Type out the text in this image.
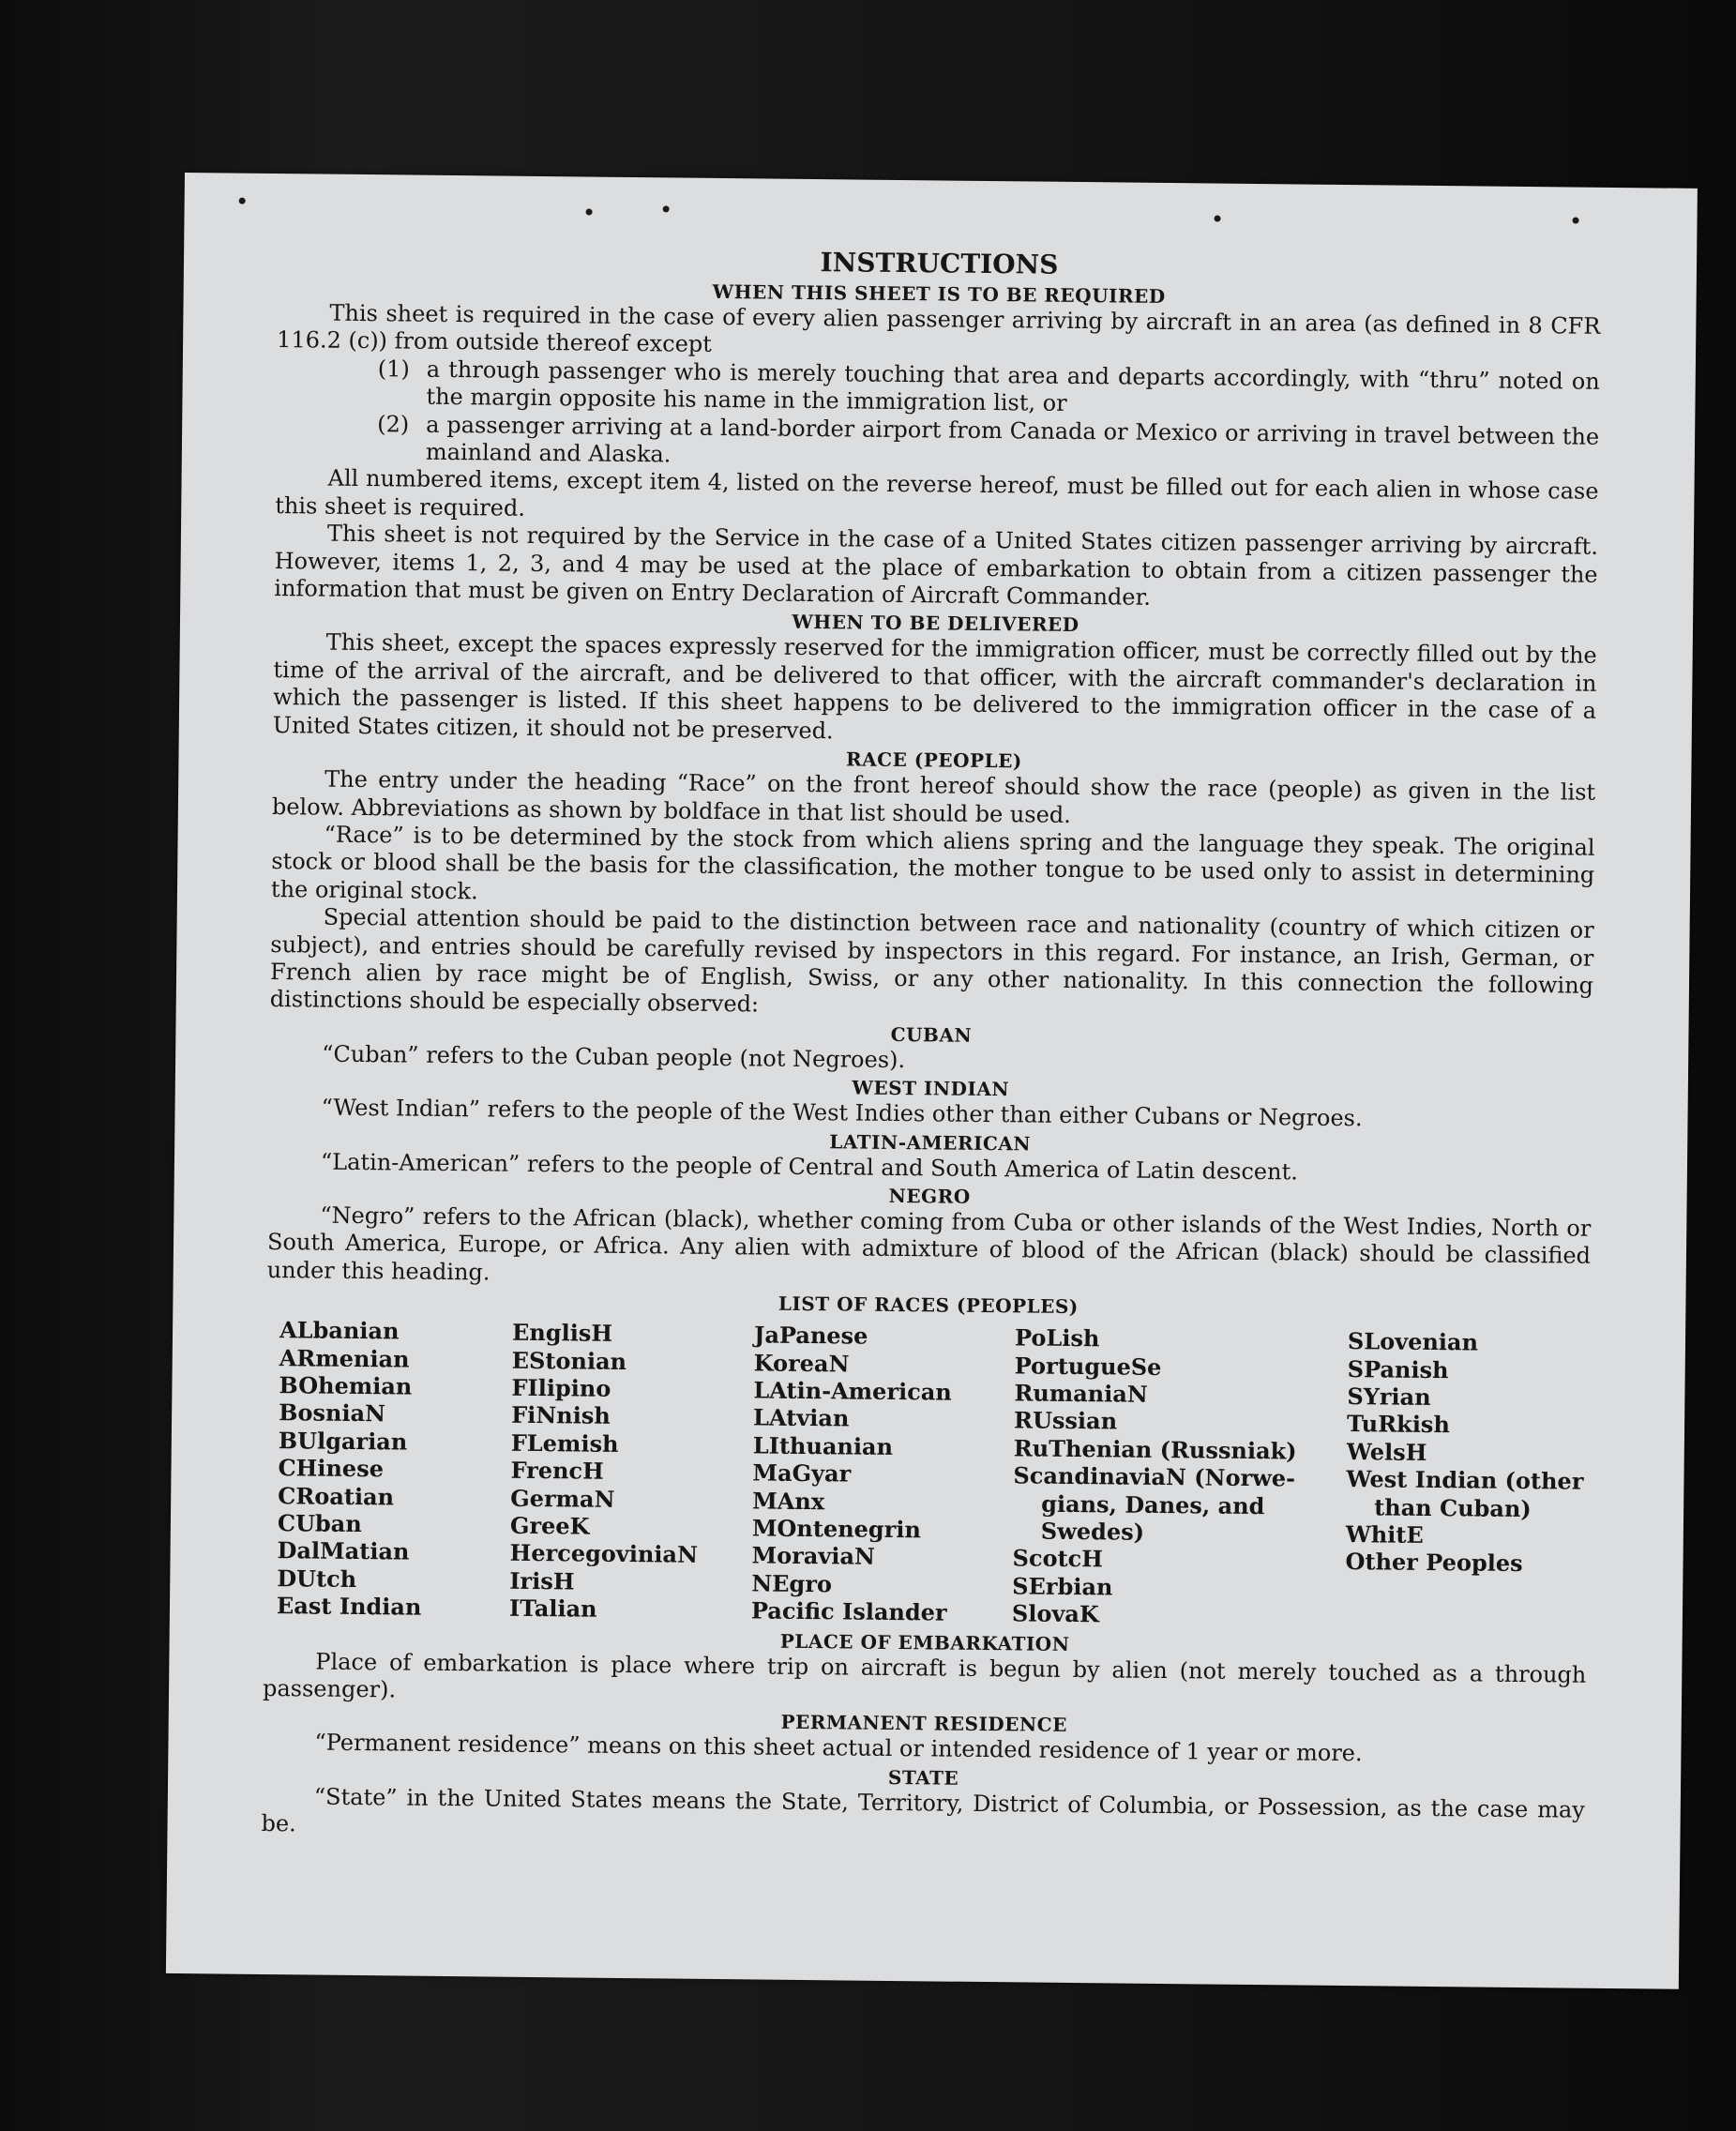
INSTRUCTIONS
WHEN THIS SHEET IS TO BE REQUIRED

This sheet is required in the case of every alien passenger arriving by aircraft in an area (as defined in 8 CFR 116.2 (c)) from outside thereof except

(1) a through passenger who is merely touching that area and departs accordingly, with “thru” noted on the margin opposite his name in the immigration list, or
(2) a passenger arriving at a land-border airport from Canada or Mexico or arriving in travel between the mainland and Alaska.

All numbered items, except item 4, listed on the reverse hereof, must be filled out for each alien in whose case this sheet is required.

This sheet is not required by the Service in the case of a United States citizen passenger arriving by aircraft. However, items 1, 2, 3, and 4 may be used at the place of embarkation to obtain from a citizen passenger the information that must be given on Entry Declaration of Aircraft Commander.

WHEN TO BE DELIVERED

This sheet, except the spaces expressly reserved for the immigration officer, must be correctly filled out by the time of the arrival of the aircraft, and be delivered to that officer, with the aircraft commander's declaration in which the passenger is listed. If this sheet happens to be delivered to the immigration officer in the case of a United States citizen, it should not be preserved.

RACE (PEOPLE)

The entry under the heading “Race” on the front hereof should show the race (people) as given in the list below. Abbreviations as shown by boldface in that list should be used.

“Race” is to be determined by the stock from which aliens spring and the language they speak. The original stock or blood shall be the basis for the classification, the mother tongue to be used only to assist in determining the original stock.

Special attention should be paid to the distinction between race and nationality (country of which citizen or subject), and entries should be carefully revised by inspectors in this regard. For instance, an Irish, German, or French alien by race might be of English, Swiss, or any other nationality. In this connection the following distinctions should be especially observed:

CUBAN

“Cuban” refers to the Cuban people (not Negroes).

WEST INDIAN

“West Indian” refers to the people of the West Indies other than either Cubans or Negroes.

LATIN-AMERICAN

“Latin-American” refers to the people of Central and South America of Latin descent.

NEGRO

“Negro” refers to the African (black), whether coming from Cuba or other islands of the West Indies, North or South America, Europe, or Africa. Any alien with admixture of blood of the African (black) should be classified under this heading.

LIST OF RACES (PEOPLES)
ALbanian
ARmenian
BOhemian
BosniaN
BUlgarian
CHinese
CRoatian
CUban
DalMatian
DUtch
East Indian
EnglisH
EStonian
FIlipino
FiNnish
FLemish
FrencH
GermaN
GreeK
HercegoviniaN
IrisH
ITalian
JaPanese
KoreaN
LAtin-American
LAtvian
LIthuanian
MaGyar
MAnx
MOntenegrin
MoraviaN
NEgro
Pacific Islander
PoLish
PortugueSe
RumaniaN
RUssian
RuThenian (Russniak)
ScandinaviaN (Norwe-
gians, Danes, and
Swedes)
ScotcH
SErbian
SlovaK
SLovenian
SPanish
SYrian
TuRkish
WelsH
West Indian (other
than Cuban)
WhitE
Other Peoples
PLACE OF EMBARKATION

Place of embarkation is place where trip on aircraft is begun by alien (not merely touched as a through passenger).

PERMANENT RESIDENCE

“Permanent residence” means on this sheet actual or intended residence of 1 year or more.

STATE

“State” in the United States means the State, Territory, District of Columbia, or Possession, as the case may be.
